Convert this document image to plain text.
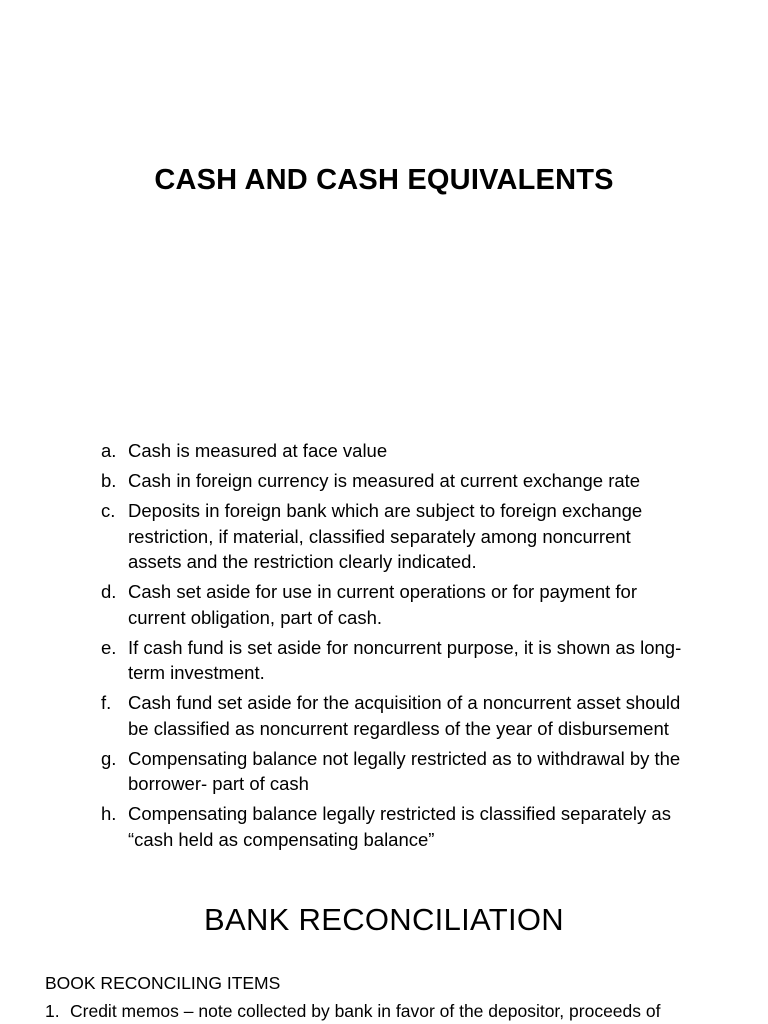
CASH AND CASH EQUIVALENTS
a. Cash is measured at face value
b. Cash in foreign currency is measured at current exchange rate
c. Deposits in foreign bank which are subject to foreign exchange restriction, if material, classified separately among noncurrent assets and the restriction clearly indicated.
d. Cash set aside for use in current operations or for payment for current obligation, part of cash.
e. If cash fund is set aside for noncurrent purpose, it is shown as long-term investment.
f. Cash fund set aside for the acquisition of a noncurrent asset should be classified as noncurrent regardless of the year of disbursement
g. Compensating balance not legally restricted as to withdrawal by the borrower- part of cash
h. Compensating balance legally restricted is classified separately as “cash held as compensating balance”
BANK RECONCILIATION

BOOK RECONCILING ITEMS

1. Credit memos – note collected by bank in favor of the depositor, proceeds of
